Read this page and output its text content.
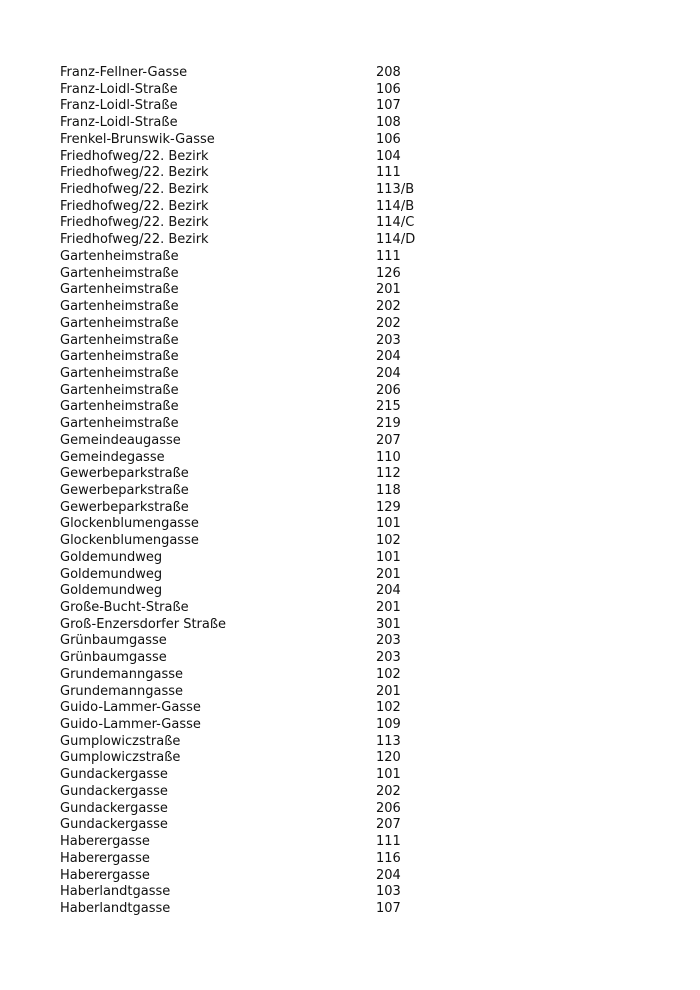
Franz-Fellner-Gasse	208
Franz-Loidl-Straße	106
Franz-Loidl-Straße	107
Franz-Loidl-Straße	108
Frenkel-Brunswik-Gasse	106
Friedhofweg/22. Bezirk	104
Friedhofweg/22. Bezirk	111
Friedhofweg/22. Bezirk	113/B
Friedhofweg/22. Bezirk	114/B
Friedhofweg/22. Bezirk	114/C
Friedhofweg/22. Bezirk	114/D
Gartenheimstraße	111
Gartenheimstraße	126
Gartenheimstraße	201
Gartenheimstraße	202
Gartenheimstraße	202
Gartenheimstraße	203
Gartenheimstraße	204
Gartenheimstraße	204
Gartenheimstraße	206
Gartenheimstraße	215
Gartenheimstraße	219
Gemeindeaugasse	207
Gemeindegasse	110
Gewerbeparkstraße	112
Gewerbeparkstraße	118
Gewerbeparkstraße	129
Glockenblumengasse	101
Glockenblumengasse	102
Goldemundweg	101
Goldemundweg	201
Goldemundweg	204
Große-Bucht-Straße	201
Groß-Enzersdorfer Straße	301
Grünbaumgasse	203
Grünbaumgasse	203
Grundemanngasse	102
Grundemanngasse	201
Guido-Lammer-Gasse	102
Guido-Lammer-Gasse	109
Gumplowiczstraße	113
Gumplowiczstraße	120
Gundackergasse	101
Gundackergasse	202
Gundackergasse	206
Gundackergasse	207
Haberergasse	111
Haberergasse	116
Haberergasse	204
Haberlandtgasse	103
Haberlandtgasse	107
